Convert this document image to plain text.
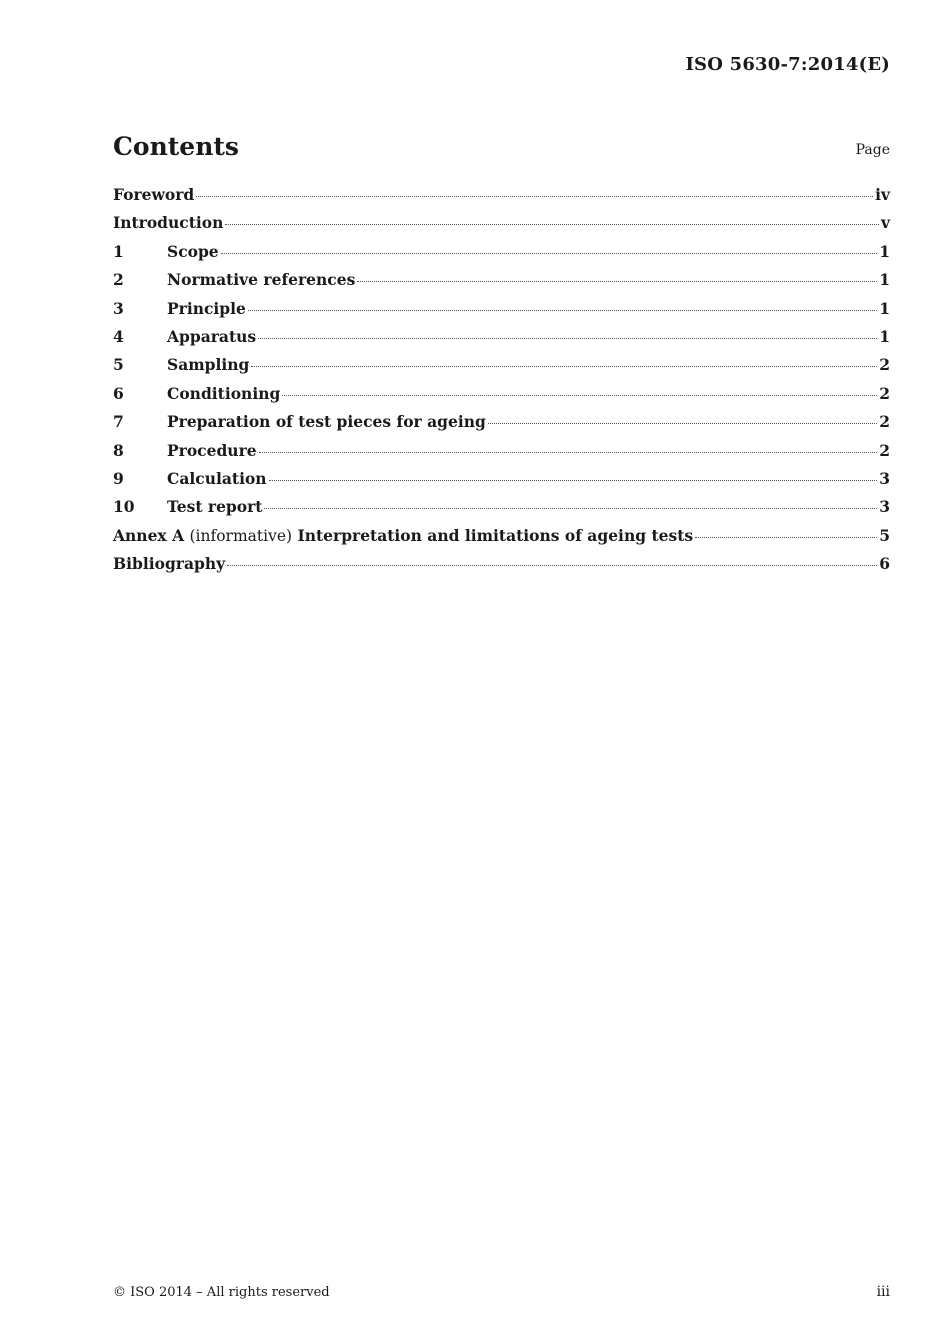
ISO 5630-7:2014(E)
Contents	Page
Foreword	iv
Introduction	v
1	Scope	1
2	Normative references	1
3	Principle	1
4	Apparatus	1
5	Sampling	2
6	Conditioning	2
7	Preparation of test pieces for ageing	2
8	Procedure	2
9	Calculation	3
10	Test report	3
Annex A (informative) Interpretation and limitations of ageing tests	5
Bibliography	6
© ISO 2014 – All rights reserved	iii
